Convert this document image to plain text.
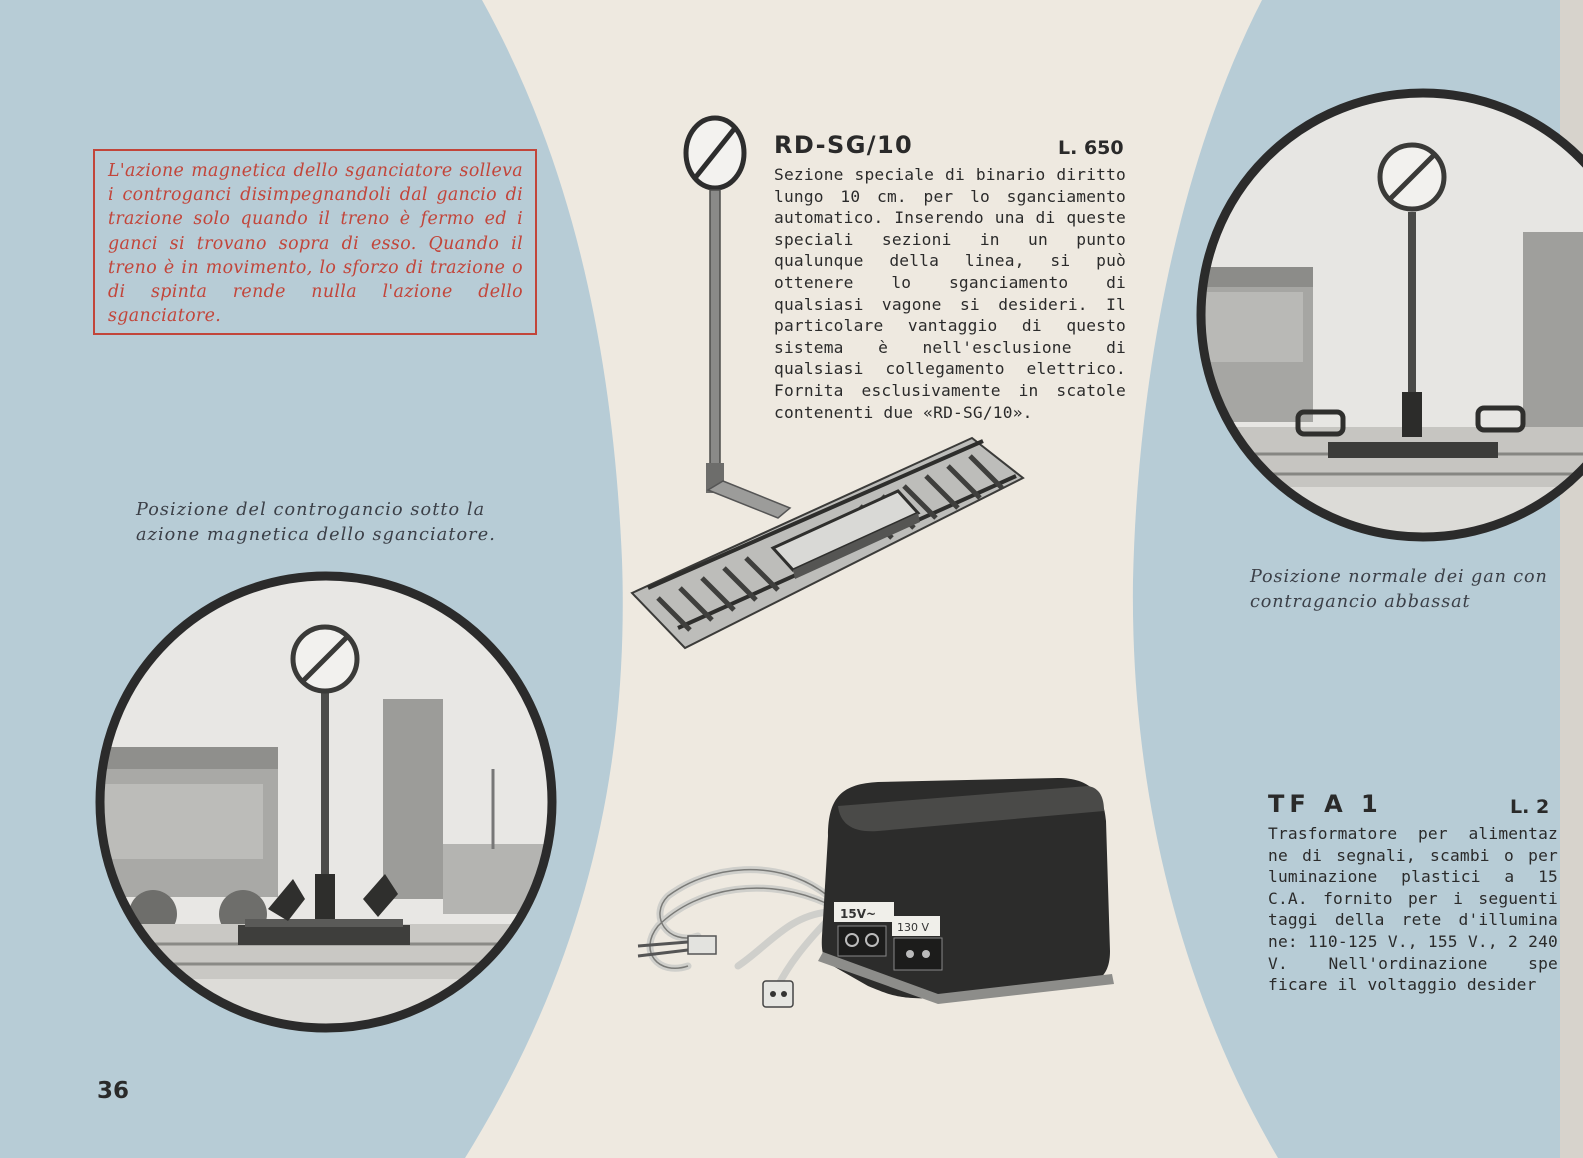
L'azione magnetica dello sganciatore solleva i controganci disimpegnandoli dal gancio di trazione solo quando il treno è fermo ed i ganci si trovano sopra di esso. Quando il treno è in movimento, lo sforzo di trazione o di spinta rende nulla l'azione dello sganciatore.
Posizione del controgancio sotto la azione magnetica dello sganciatore.
36
RD-SG/10	L. 650
Sezione speciale di binario diritto lungo 10 cm. per lo sganciamento automatico. Inserendo una di queste speciali sezioni in un punto qualunque della linea, si può ottenere lo sganciamento di qualsiasi vagone si desideri. Il particolare vantaggio di questo sistema è nell'esclusione di qualsiasi collegamento elettrico. Fornita esclusivamente in scatole contenenti due «RD-SG/10».
15V~
130 V
Posizione normale dei gan con contragancio abbassat
TF A 1	L. 2
Trasformatore per alimentaz ne di segnali, scambi o per luminazione plastici a 15 C.A. fornito per i seguenti taggi della rete d'illumina ne: 110-125 V., 155 V., 2 240 V. Nell'ordinazione spe ficare il voltaggio desider
